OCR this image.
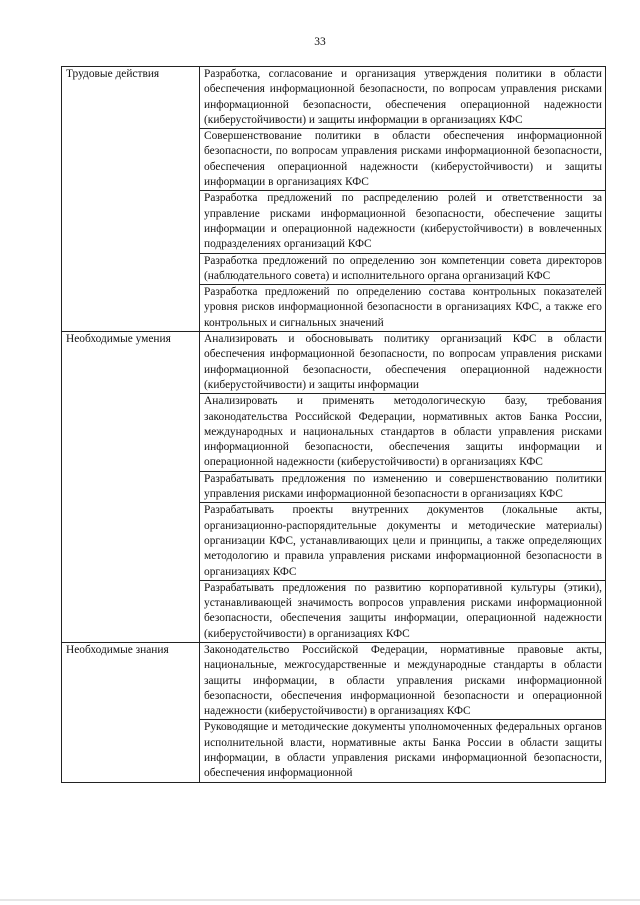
33
Трудовые действия	Разработка, согласование и организация утверждения политики в области обеспечения информационной безопасности, по вопросам управления рисками информационной безопасности, обеспечения операционной надежности (киберустойчивости) и защиты информации в организациях КФС
	Совершенствование политики в области обеспечения информационной безопасности, по вопросам управления рисками информационной безопасности, обеспечения операционной надежности (киберустойчивости) и защиты информации в организациях КФС
	Разработка предложений по распределению ролей и ответственности за управление рисками информационной безопасности, обеспечение защиты информации и операционной надежности (киберустойчивости) в вовлеченных подразделениях организаций КФС
	Разработка предложений по определению зон компетенции совета директоров (наблюдательного совета) и исполнительного органа организаций КФС
	Разработка предложений по определению состава контрольных показателей уровня рисков информационной безопасности в организациях КФС, а также его контрольных и сигнальных значений
Необходимые умения	Анализировать и обосновывать политику организаций КФС в области обеспечения информационной безопасности, по вопросам управления рисками информационной безопасности, обеспечения операционной надежности (киберустойчивости) и защиты информации
	Анализировать и применять методологическую базу, требования законодательства Российской Федерации, нормативных актов Банка России, международных и национальных стандартов в области управления рисками информационной безопасности, обеспечения защиты информации и операционной надежности (киберустойчивости) в организациях КФС
	Разрабатывать предложения по изменению и совершенствованию политики управления рисками информационной безопасности в организациях КФС
	Разрабатывать проекты внутренних документов (локальные акты, организационно-распорядительные документы и методические материалы) организации КФС, устанавливающих цели и принципы, а также определяющих методологию и правила управления рисками информационной безопасности в организациях КФС
	Разрабатывать предложения по развитию корпоративной культуры (этики), устанавливающей значимость вопросов управления рисками информационной безопасности, обеспечения защиты информации, операционной надежности (киберустойчивости) в организациях КФС
Необходимые знания	Законодательство Российской Федерации, нормативные правовые акты, национальные, межгосударственные и международные стандарты в области защиты информации, в области управления рисками информационной безопасности, обеспечения информационной безопасности и операционной надежности (киберустойчивости) в организациях КФС
	Руководящие и методические документы уполномоченных федеральных органов исполнительной власти, нормативные акты Банка России в области защиты информации, в области управления рисками информационной безопасности, обеспечения информационной
